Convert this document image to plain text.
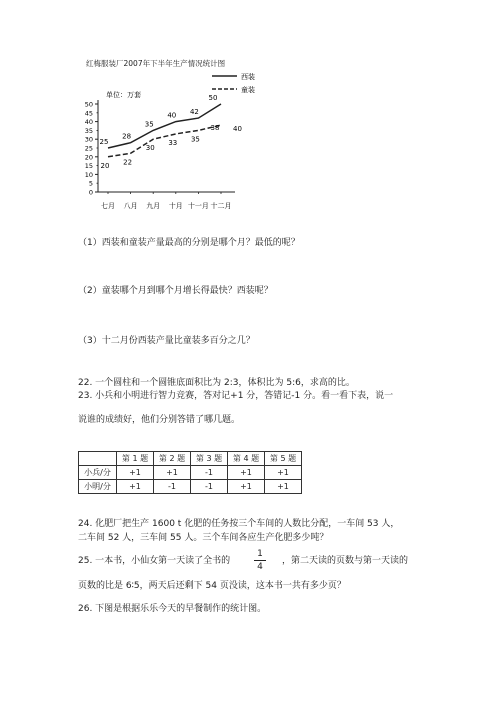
红梅服装厂2007年下半年生产情况统计图
0
5
10
15
20
25
30
35
40
45
50
七月 八月 九月 十月 十一月 十二月
25
28
35
40 42
50
20 22
30
33 35
38 40
单位：万套
西装
童装
（1）西装和童装产量最高的分别是哪个月？最低的呢？
（2）童装哪个月到哪个月增长得最快？西装呢？
（3）十二月份西装产量比童装多百分之几？
22. 一个圆柱和一个圆锥底面积比为 2:3，体积比为 5:6，求高的比。
23. 小兵和小明进行智力竞赛，答对记+1 分，答错记-1 分。看一看下表，说一
说谁的成绩好，他们分别答错了哪几题。
	第 1 题	第 2 题	第 3 题	第 4 题	第 5 题
小兵/分	+1	+1	-1	+1	+1
小明/分	+1	-1	-1	+1	+1
24. 化肥厂把生产 1600 t 化肥的任务按三个车间的人数比分配，一车间 53 人，
二车间 52 人，三车间 55 人。三个车间各应生产化肥多少吨？
25. 一本书，小仙女第一天读了全书的
1
4
，第二天读的页数与第一天读的
页数的比是 6∶5，两天后还剩下 54 页没读，这本书一共有多少页？
26. 下图是根据乐乐今天的早餐制作的统计图。
